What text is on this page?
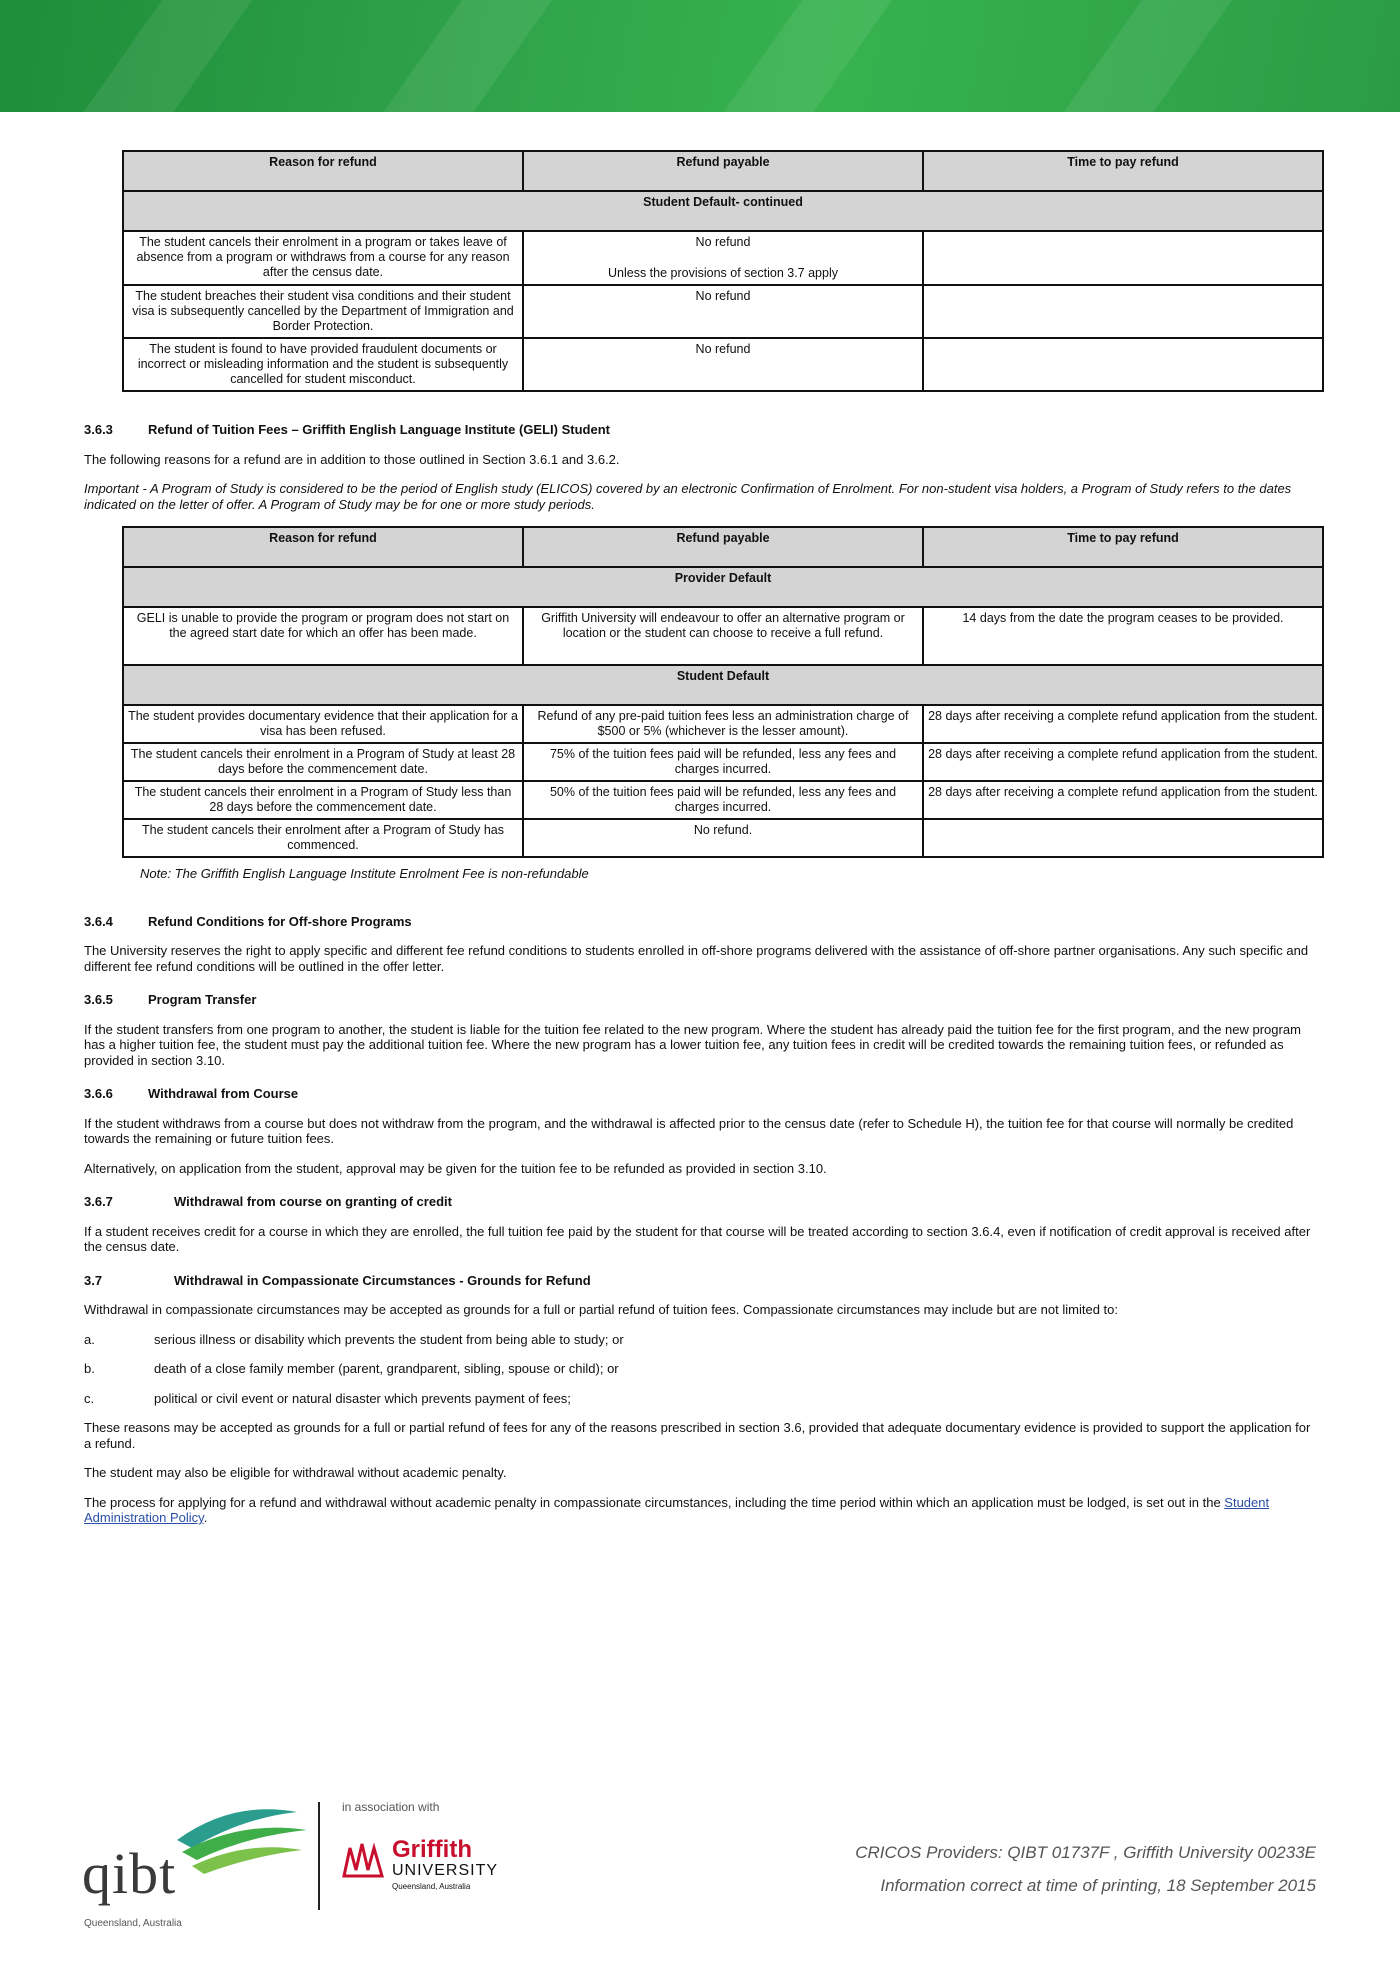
Reason for refund	Refund payable	Time to pay refund
Student Default- continued		
The student cancels their enrolment in a program or takes leave of absence from a program or withdraws from a course for any reason after the census date.	No refund
Unless the provisions of section 3.7 apply	

The student breaches their student visa conditions and their student visa is subsequently cancelled by the Department of Immigration and Border Protection.	No refund	
The student is found to have provided fraudulent documents or incorrect or misleading information and the student is subsequently cancelled for student misconduct.	No refund	
3.6.3	Refund of Tuition Fees – Griffith English Language Institute (GELI) Student

The following reasons for a refund are in addition to those outlined in Section 3.6.1 and 3.6.2.

Important - A Program of Study is considered to be the period of English study (ELICOS) covered by an electronic Confirmation of Enrolment. For non-student visa holders, a Program of Study refers to the dates indicated on the letter of offer. A Program of Study may be for one or more study periods.

Reason for refund	Refund payable	Time to pay refund
Provider Default		
GELI is unable to provide the program or program does not start on the agreed start date for which an offer has been made.	Griffith University will endeavour to offer an alternative program or location or the student can choose to receive a full refund.	14 days from the date the program ceases to be provided.
Student Default		
The student provides documentary evidence that their application for a visa has been refused.	Refund of any pre-paid tuition fees less an administration charge of $500 or 5% (whichever is the lesser amount).	28 days after receiving a complete refund application from the student.
The student cancels their enrolment in a Program of Study at least 28 days before the commencement date.	75% of the tuition fees paid will be refunded, less any fees and charges incurred.	28 days after receiving a complete refund application from the student.
The student cancels their enrolment in a Program of Study less than 28 days before the commencement date.	50% of the tuition fees paid will be refunded, less any fees and charges incurred.	28 days after receiving a complete refund application from the student.
The student cancels their enrolment after a Program of Study has commenced.	No refund.	

Note: The Griffith English Language Institute Enrolment Fee is non-refundable

3.6.4	Refund Conditions for Off-shore Programs

The University reserves the right to apply specific and different fee refund conditions to students enrolled in off-shore programs delivered with the assistance of off-shore partner organisations. Any such specific and different fee refund conditions will be outlined in the offer letter.

3.6.5	Program Transfer

If the student transfers from one program to another, the student is liable for the tuition fee related to the new program. Where the student has already paid the tuition fee for the first program, and the new program has a higher tuition fee, the student must pay the additional tuition fee. Where the new program has a lower tuition fee, any tuition fees in credit will be credited towards the remaining tuition fees, or refunded as provided in section 3.10.

3.6.6	Withdrawal from Course

If the student withdraws from a course but does not withdraw from the program, and the withdrawal is affected prior to the census date (refer to Schedule H), the tuition fee for that course will normally be credited towards the remaining or future tuition fees.

Alternatively, on application from the student, approval may be given for the tuition fee to be refunded as provided in section 3.10.

3.6.7	Withdrawal from course on granting of credit

If a student receives credit for a course in which they are enrolled, the full tuition fee paid by the student for that course will be treated according to section 3.6.4, even if notification of credit approval is received after the census date.

3.7	Withdrawal in Compassionate Circumstances - Grounds for Refund

Withdrawal in compassionate circumstances may be accepted as grounds for a full or partial refund of tuition fees. Compassionate circumstances may include but are not limited to:

a.	serious illness or disability which prevents the student from being able to study; or
b.	death of a close family member (parent, grandparent, sibling, spouse or child); or
c.	political or civil event or natural disaster which prevents payment of fees;

These reasons may be accepted as grounds for a full or partial refund of fees for any of the reasons prescribed in section 3.6, provided that adequate documentary evidence is provided to support the application for a refund.

The student may also be eligible for withdrawal without academic penalty.

The process for applying for a refund and withdrawal without academic penalty in compassionate circumstances, including the time period within which an application must be lodged, is set out in the Student Administration Policy.

qibt
Queensland, Australia
in association with
Griffith
UNIVERSITY
Queensland, Australia
CRICOS Providers: QIBT 01737F , Griffith University 00233E
Information correct at time of printing, 18 September 2015
